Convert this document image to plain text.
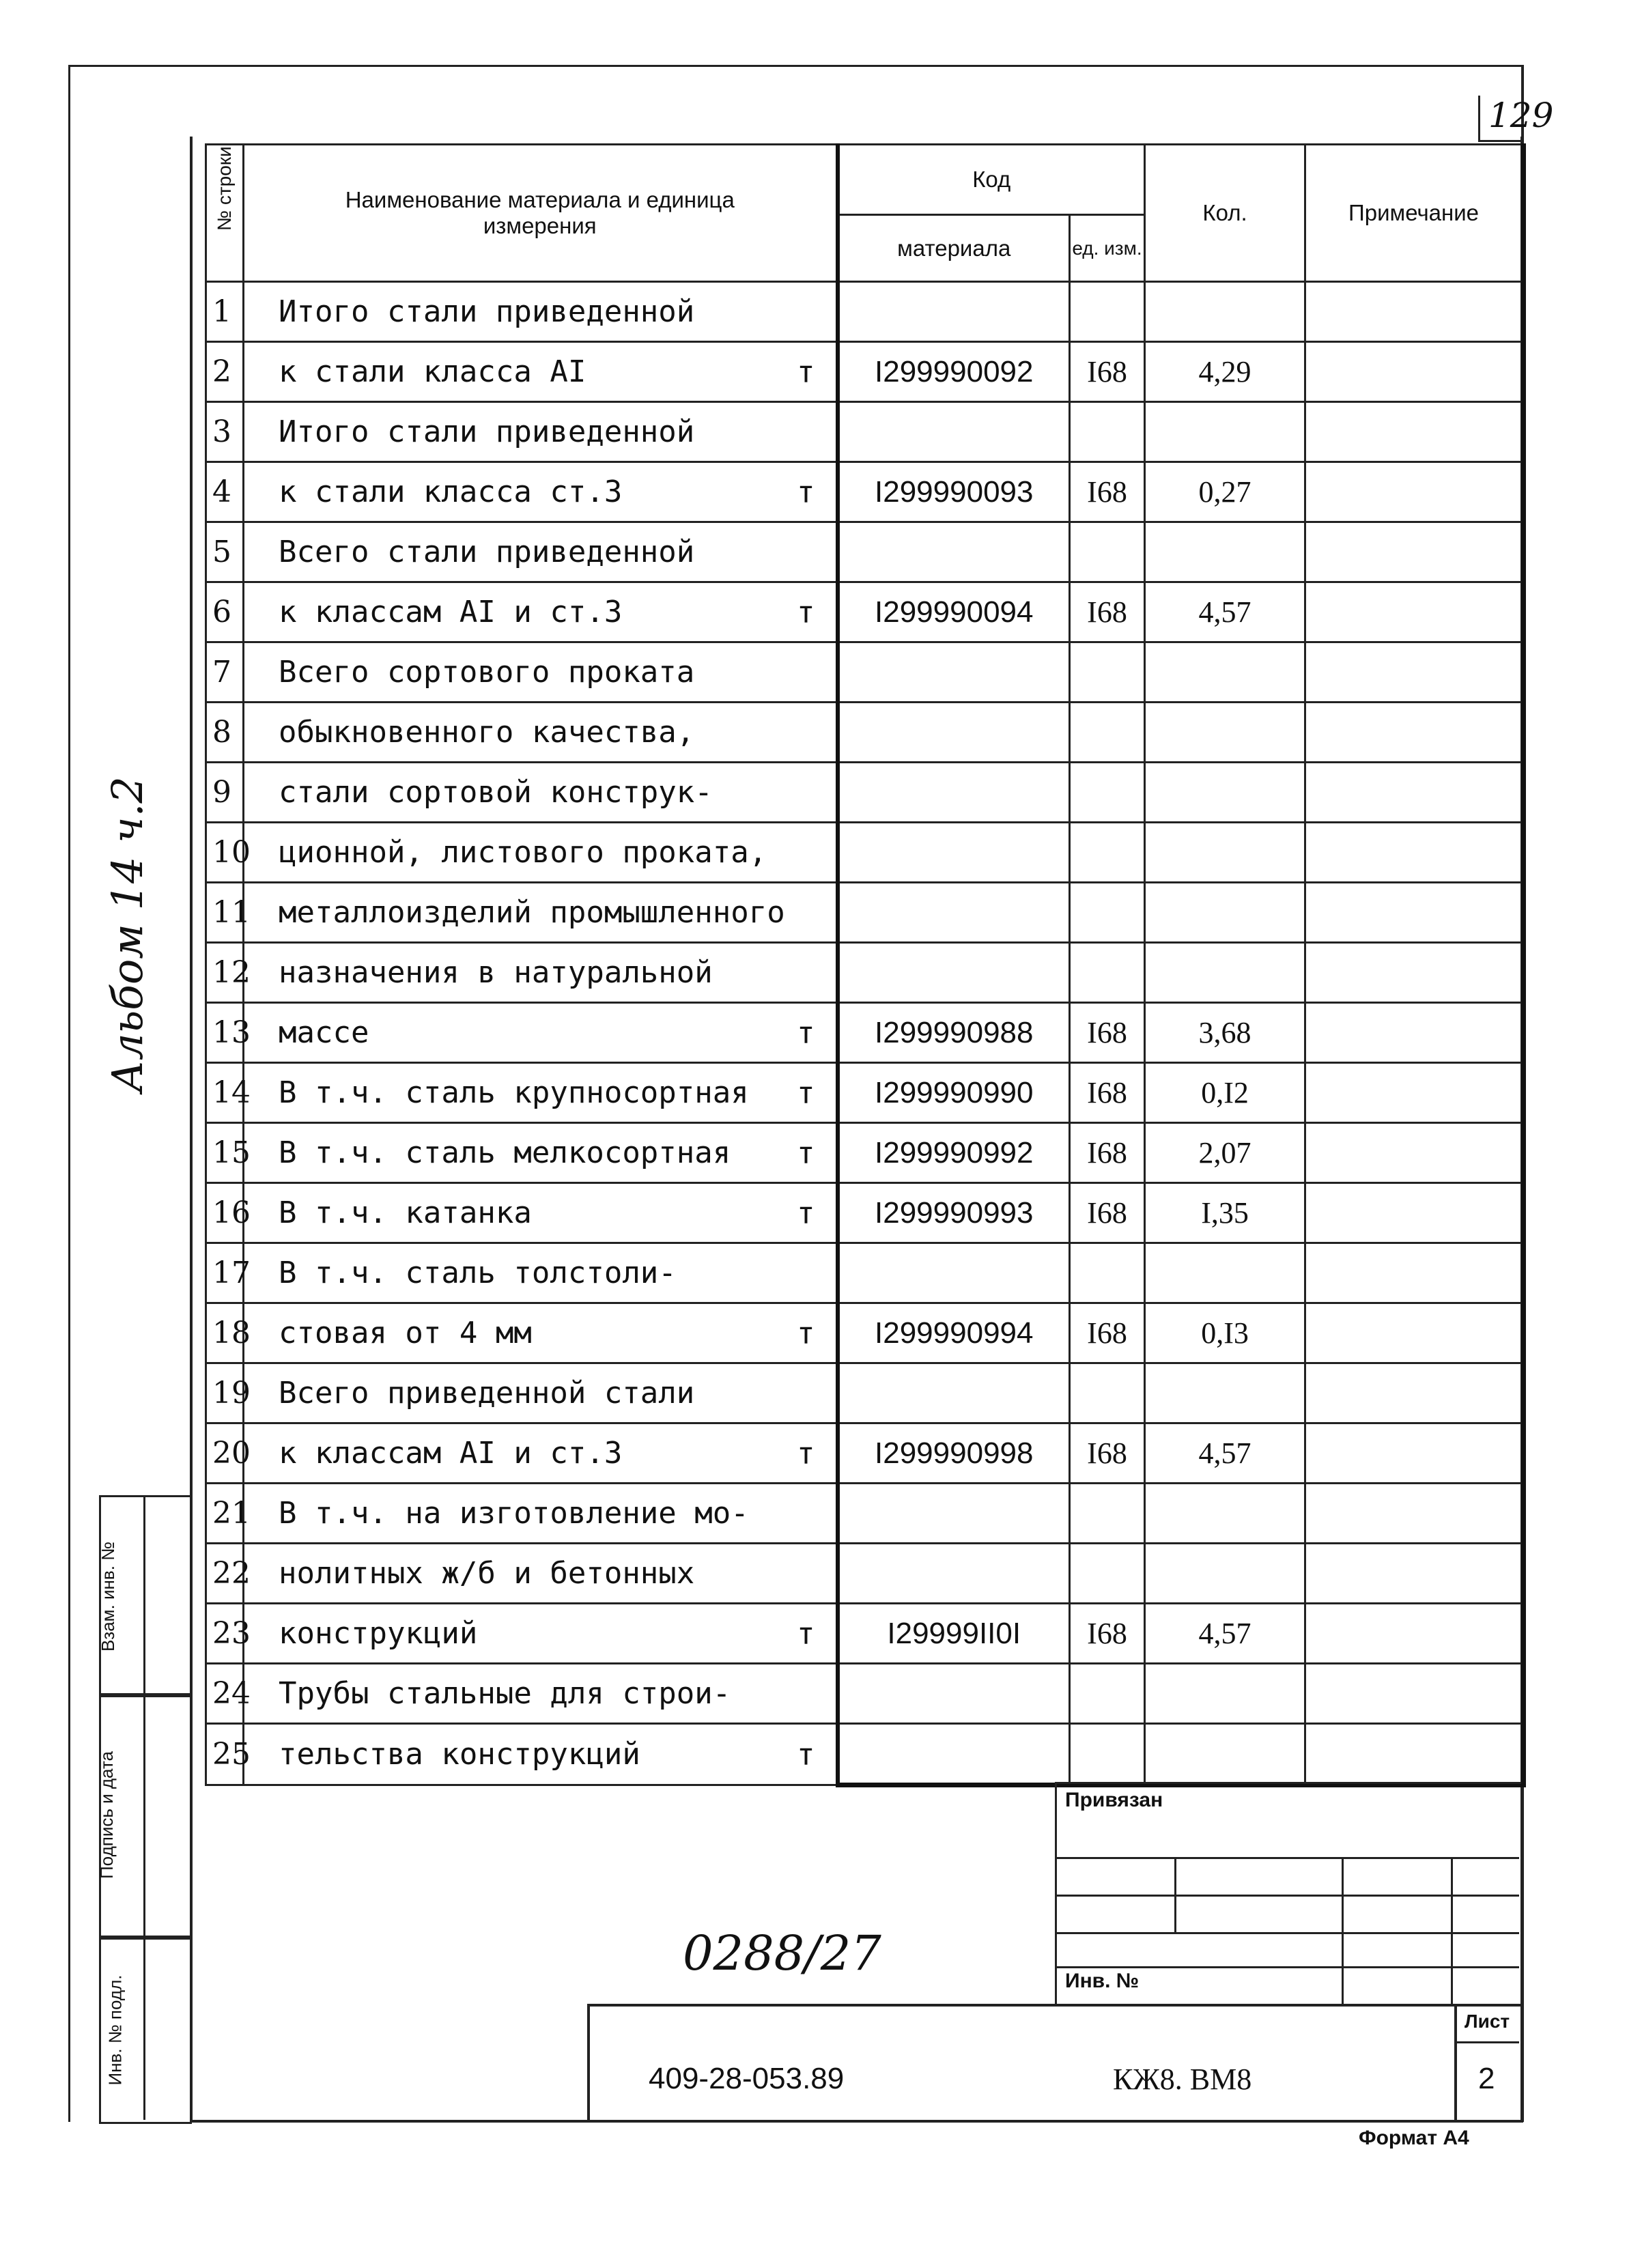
129
№ строки	Наименование материала и единица измерения	Код		Кол.	Примечание
		материала	ед. изм.		
1	Итого стали приведенной

2	к стали класса АI т	I299990092	I68	4,29	
3	Итого стали приведенной

4	к стали класса ст.3 т	I299990093	I68	0,27	
5	Всего стали приведенной

6	к классам АI и ст.3 т	I299990094	I68	4,57	
7	Всего сортового проката

8	обыкновенного качества,

9	стали сортовой конструк-

10	ционной, листового проката,

11	металлоизделий промышленного

12	назначения в натуральной

13	массе т	I299990988	I68	3,68	
14	В т.ч. сталь крупносортная т	I299990990	I68	0,I2	
15	В т.ч. сталь мелкосортная т	I299990992	I68	2,07	
16	В т.ч. катанка т	I299990993	I68	I,35	
17	В т.ч. сталь толстоли-

18	стовая от 4 мм т	I299990994	I68	0,I3	
19	Всего приведенной стали

20	к классам АI и ст.3 т	I299990998	I68	4,57	
21	В т.ч. на изготовление мо-

22	нолитных ж/б и бетонных

23	конструкций т	I29999II0I	I68	4,57	
24	Трубы стальные для строи-

25	тельства конструкций т				

Альбом 14 ч.2
Взам. инв. №
Подпись и дата
Инв. № подл.
Привязан
Инв. №
0288/27
409-28-053.89	КЖ8. ВМ8
Лист
2
Формат А4
